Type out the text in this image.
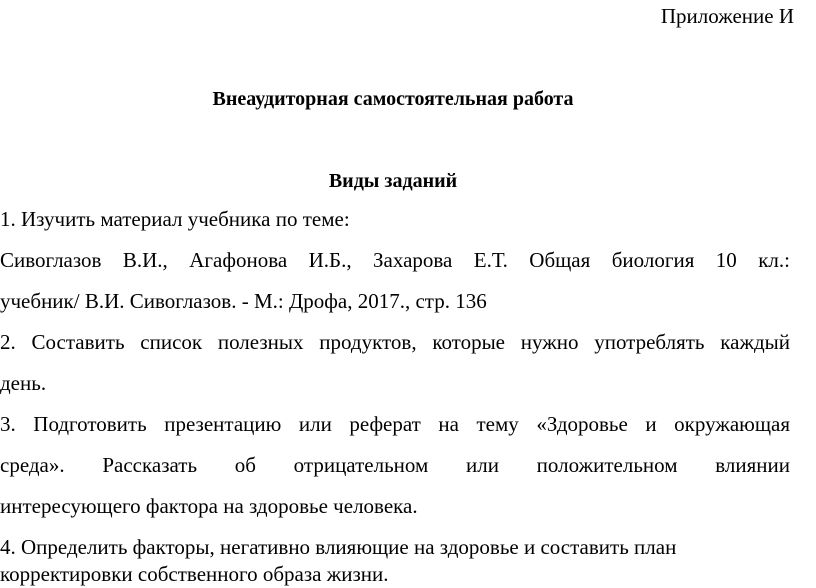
Приложение И
Внеаудиторная самостоятельная работа
Виды заданий
1. Изучить материал учебника по теме:
Сивоглазов В.И., Агафонова И.Б., Захарова Е.Т. Общая биология 10 кл.:
учебник/ В.И. Сивоглазов. - М.: Дрофа, 2017., стр. 136
2. Составить список полезных продуктов, которые нужно употреблять каждый
день.
3. Подготовить презентацию или реферат на тему «Здоровье и окружающая
среда». Рассказать об отрицательном или положительном влиянии
интересующего фактора на здоровье человека.
4. Определить факторы, негативно влияющие на здоровье и составить план
корректировки собственного образа жизни.
